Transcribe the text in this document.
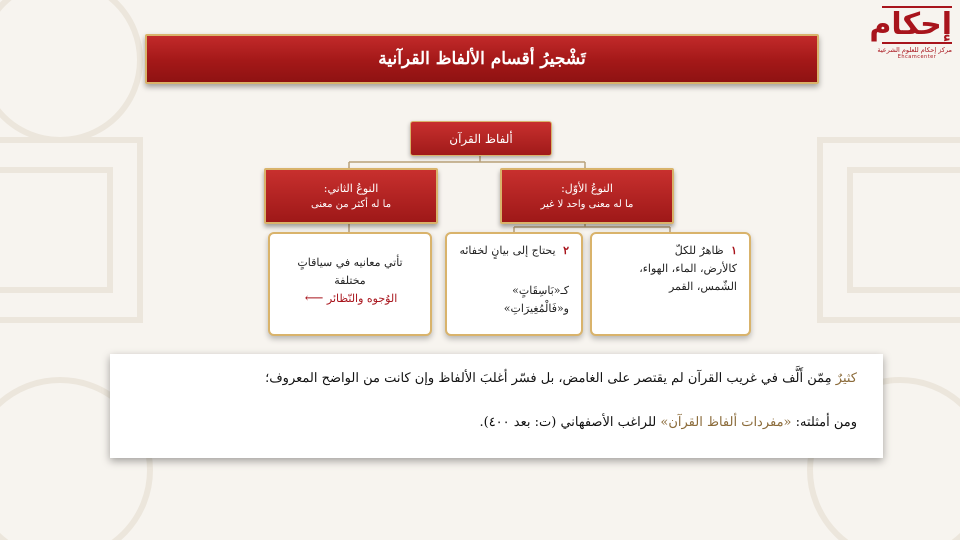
إحكام
مركز إحكام للعلوم الشرعية
Ehcamcenter
تَشْجيرُ أقسام الألفاظ القرآنية
ألفاظ القرآن
النوعُ الثاني:
ما له أكثر من معنى
النوعُ الأوّل:
ما له معنى واحد لا غير
١ ظاهرٌ للكلّ
كالأرض، الماء، الهواء، الشّمس، القمر
٢ يحتاج إلى بيانٍ لخفائه
كـ«بَاسِقَاتٍ» و«فَالْمُغِيرَاتِ»
تأتي معانيه في سياقاتٍ مختلفة
الوُجوه والنّظائر ⟵
كثيرٌ مِمّن أَلَّف في غريب القرآن لم يقتصر على الغامض، بل فسّر أغلبَ الألفاظ وإن كانت من الواضح المعروف؛
ومن أمثلته: «مفردات ألفاظ القرآن» للراغب الأصفهاني (ت: بعد ٤٠٠).
